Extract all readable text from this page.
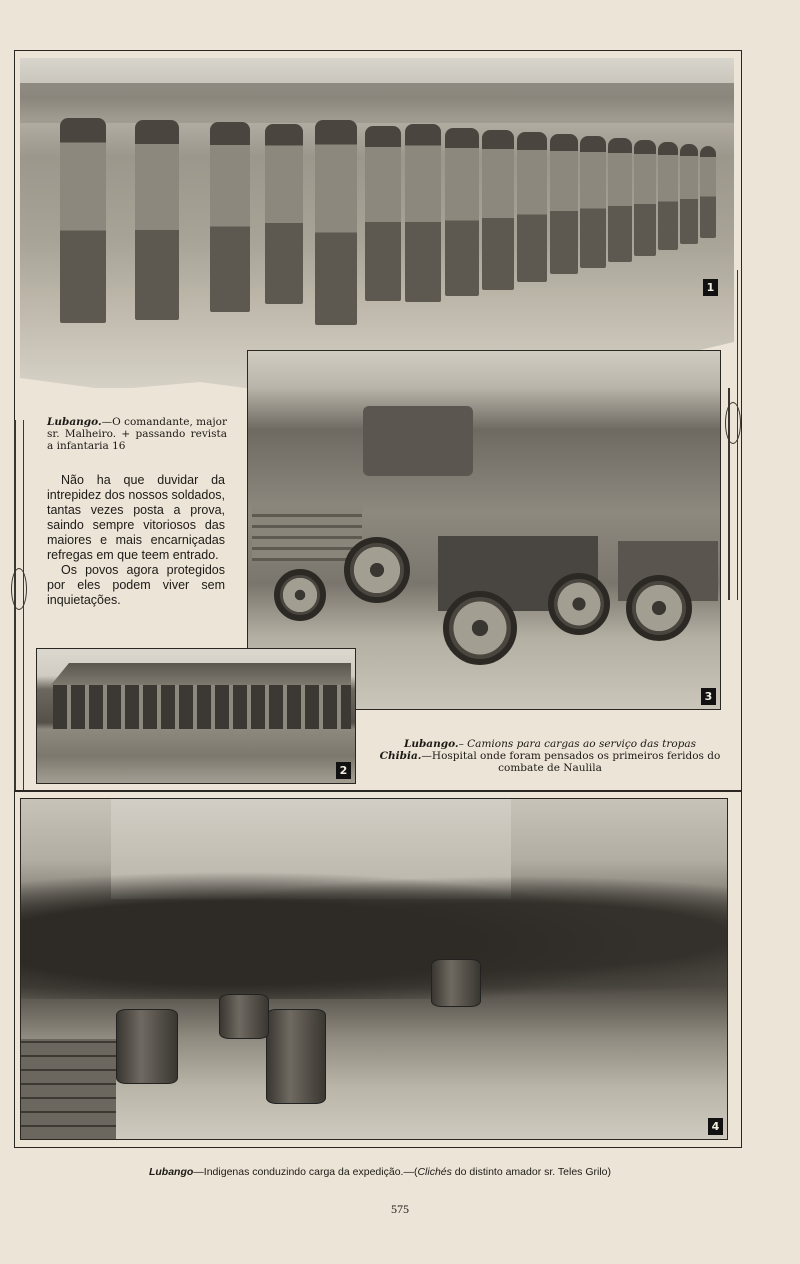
1
Lubango.—O comandante, major sr. Malheiro. + passando revista a infantaria 16

Não ha que duvidar da intrepidez dos nossos soldados, tantas vezes posta a prova, saindo sempre vitoriosos das maiores e mais encarniçadas refregas em que teem entrado.

Os povos agora protegidos por eles podem viver sem inquietações.

3
2
Lubango.– Camions para cargas ao serviço das tropas
Chibia.—Hospital onde foram pensados os primeiros feridos do combate de Naulila
4
Lubango—Indigenas conduzindo carga da expedição.—(Clichés do distinto amador sr. Teles Grilo)
575
